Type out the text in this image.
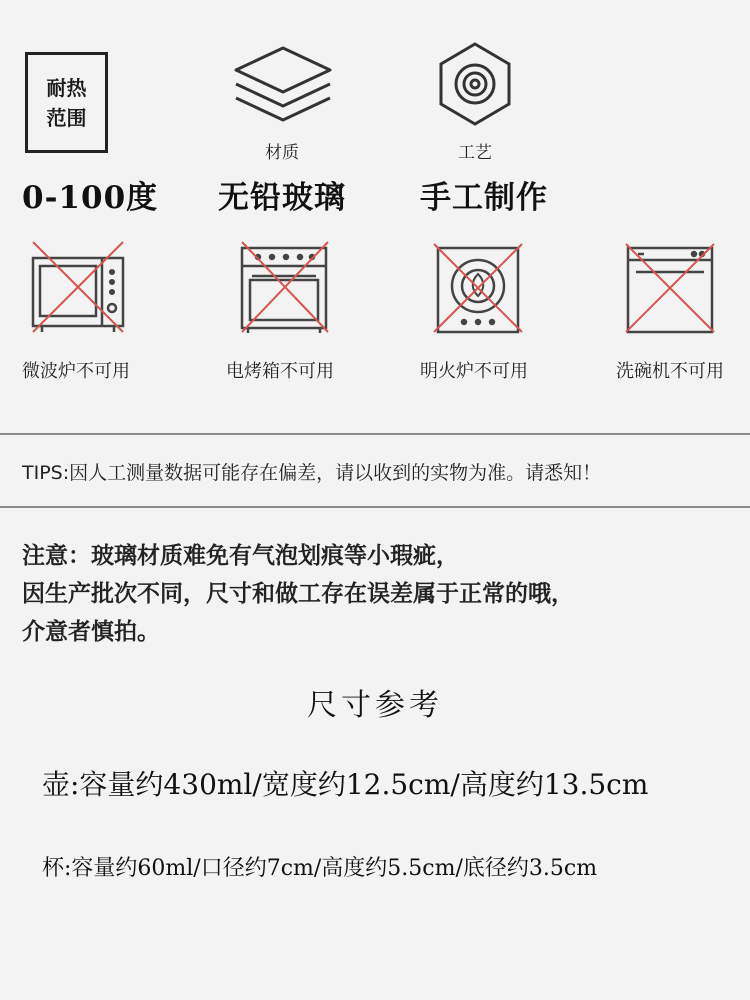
耐热
范围
材质	工艺
0-100度 无铅玻璃 手工制作
微波炉不可用	电烤箱不可用	明火炉不可用	洗碗机不可用
TIPS:因人工测量数据可能存在偏差，请以收到的实物为准。请悉知！
注意：玻璃材质难免有气泡划痕等小瑕疵，
因生产批次不同，尺寸和做工存在误差属于正常的哦，
介意者慎拍。
尺寸参考
壶:容量约430ml/宽度约12.5cm/高度约13.5cm
杯:容量约60ml/口径约7cm/高度约5.5cm/底径约3.5cm
